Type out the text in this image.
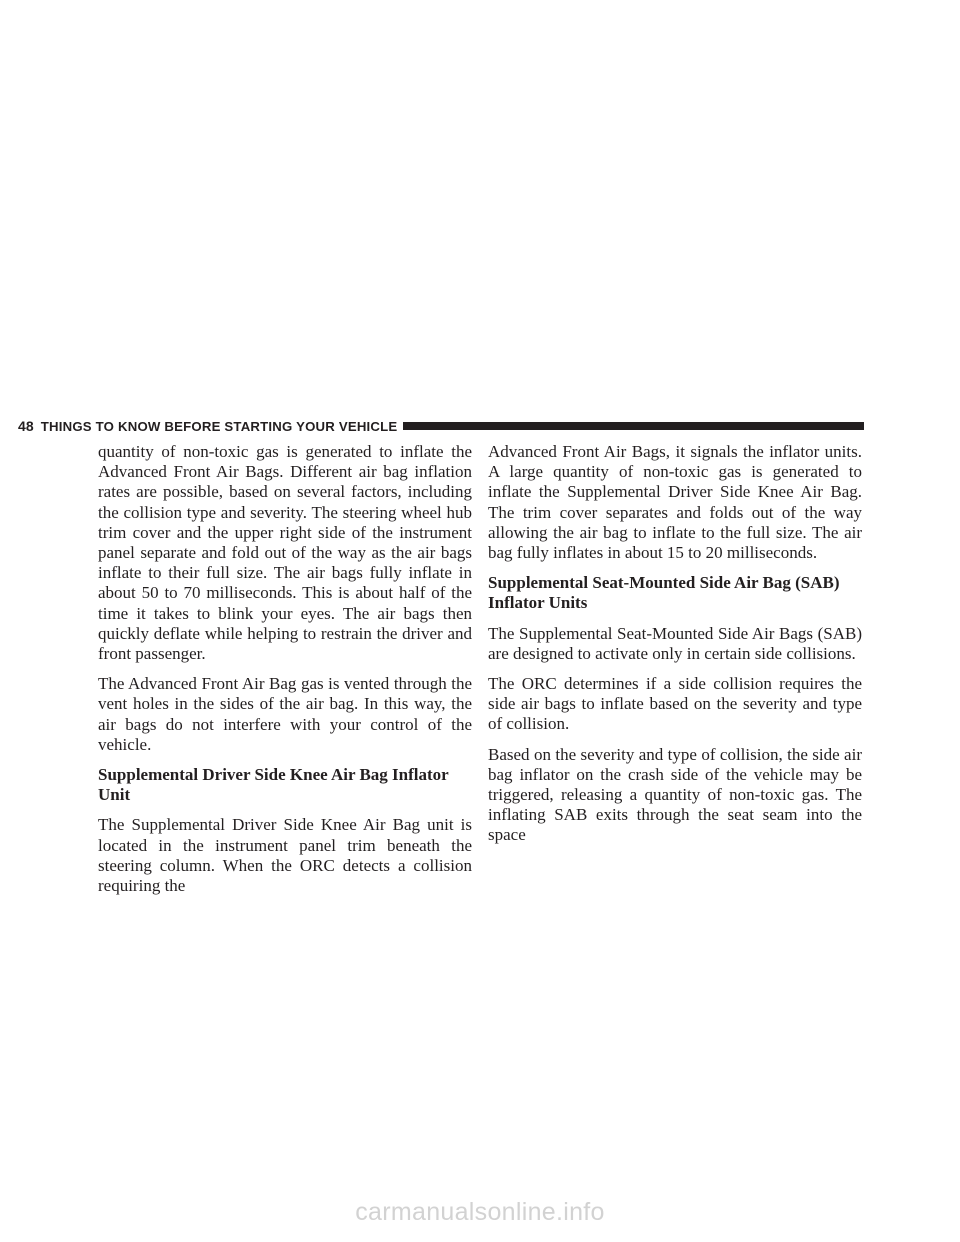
48 THINGS TO KNOW BEFORE STARTING YOUR VEHICLE

quantity of non-toxic gas is generated to inflate the Advanced Front Air Bags. Different air bag inflation rates are possible, based on several factors, including the collision type and severity. The steering wheel hub trim cover and the upper right side of the instrument panel separate and fold out of the way as the air bags inflate to their full size. The air bags fully inflate in about 50 to 70 milliseconds. This is about half of the time it takes to blink your eyes. The air bags then quickly deflate while helping to restrain the driver and front passenger.

The Advanced Front Air Bag gas is vented through the vent holes in the sides of the air bag. In this way, the air bags do not interfere with your control of the vehicle.

Supplemental Driver Side Knee Air Bag Inflator Unit

The Supplemental Driver Side Knee Air Bag unit is located in the instrument panel trim beneath the steering column. When the ORC detects a collision requiring the

Advanced Front Air Bags, it signals the inflator units. A large quantity of non-toxic gas is generated to inflate the Supplemental Driver Side Knee Air Bag. The trim cover separates and folds out of the way allowing the air bag to inflate to the full size. The air bag fully inflates in about 15 to 20 milliseconds.

Supplemental Seat-Mounted Side Air Bag (SAB) Inflator Units

The Supplemental Seat-Mounted Side Air Bags (SAB) are designed to activate only in certain side collisions.

The ORC determines if a side collision requires the side air bags to inflate based on the severity and type of collision.

Based on the severity and type of collision, the side air bag inflator on the crash side of the vehicle may be triggered, releasing a quantity of non-toxic gas. The inflating SAB exits through the seat seam into the space

carmanualsonline.info
